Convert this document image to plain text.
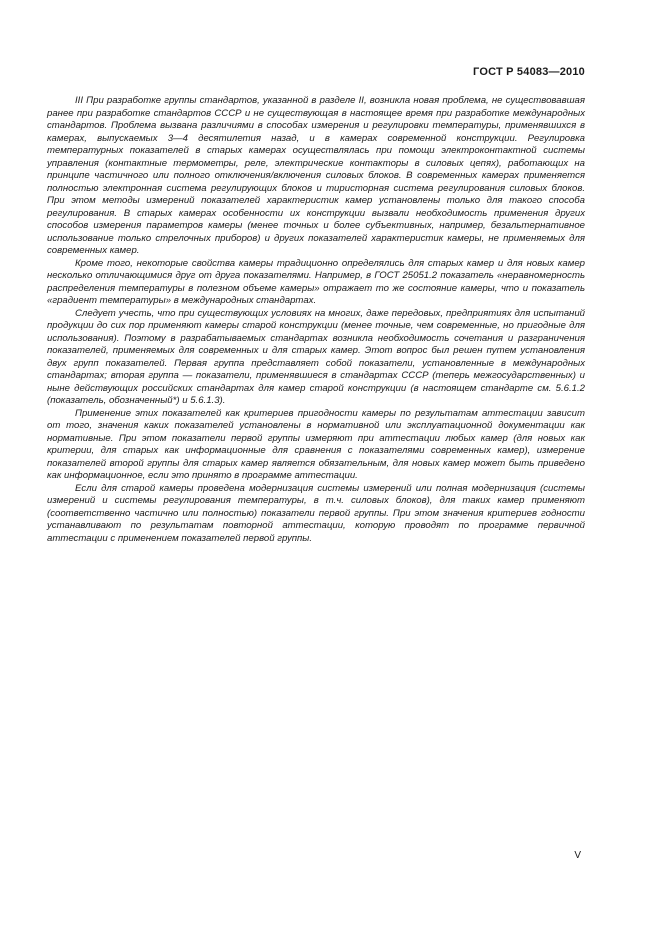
ГОСТ Р 54083—2010

III При разработке группы стандартов, указанной в разделе II, возникла новая проблема, не существовавшая ранее при разработке стандартов СССР и не существующая в настоящее время при разработке международных стандартов. Проблема вызвана различиями в способах измерения и регулировки температуры, применявшихся в камерах, выпускаемых 3—4 десятилетия назад, и в камерах современной конструкции. Регулировка температурных показателей в старых камерах осуществлялась при помощи электроконтактной системы управления (контактные термометры, реле, электрические контакторы в силовых цепях), работающих на принципе частичного или полного отключения/включения силовых блоков. В современных камерах применяется полностью электронная система регулирующих блоков и тиристорная система регулирования силовых блоков. При этом методы измерений показателей характеристик камер установлены только для такого способа регулирования. В старых камерах особенности их конструкции вызвали необходимость применения других способов измерения параметров камеры (менее точных и более субъективных, например, безальтернативное использование только стрелочных приборов) и других показателей характеристик камеры, не применяемых для современных камер.

Кроме того, некоторые свойства камеры традиционно определялись для старых камер и для новых камер несколько отличающимися друг от друга показателями. Например, в ГОСТ 25051.2 показатель «неравномерность распределения температуры в полезном объеме камеры» отражает то же состояние камеры, что и показатель «градиент температуры» в международных стандартах.

Следует учесть, что при существующих условиях на многих, даже передовых, предприятиях для испытаний продукции до сих пор применяют камеры старой конструкции (менее точные, чем современные, но пригодные для использования). Поэтому в разрабатываемых стандартах возникла необходимость сочетания и разграничения показателей, применяемых для современных и для старых камер. Этот вопрос был решен путем установления двух групп показателей. Первая группа представляет собой показатели, установленные в международных стандартах; вторая группа — показатели, применявшиеся в стандартах СССР (теперь межгосударственных) и ныне действующих российских стандартах для камер старой конструкции (в настоящем стандарте см. 5.6.1.2 (показатель, обозначенный*) и 5.6.1.3).

Применение этих показателей как критериев пригодности камеры по результатам аттестации зависит от того, значения каких показателей установлены в нормативной или эксплуатационной документации как нормативные. При этом показатели первой группы измеряют при аттестации любых камер (для новых как критерии, для старых как информационные для сравнения с показателями современных камер), измерение показателей второй группы для старых камер является обязательным, для новых камер может быть приведено как информационное, если это принято в программе аттестации.

Если для старой камеры проведена модернизация системы измерений или полная модернизация (системы измерений и системы регулирования температуры, в т.ч. силовых блоков), для таких камер применяют (соответственно частично или полностью) показатели первой группы. При этом значения критериев годности устанавливают по результатам повторной аттестации, которую проводят по программе первичной аттестации с применением показателей первой группы.

V
